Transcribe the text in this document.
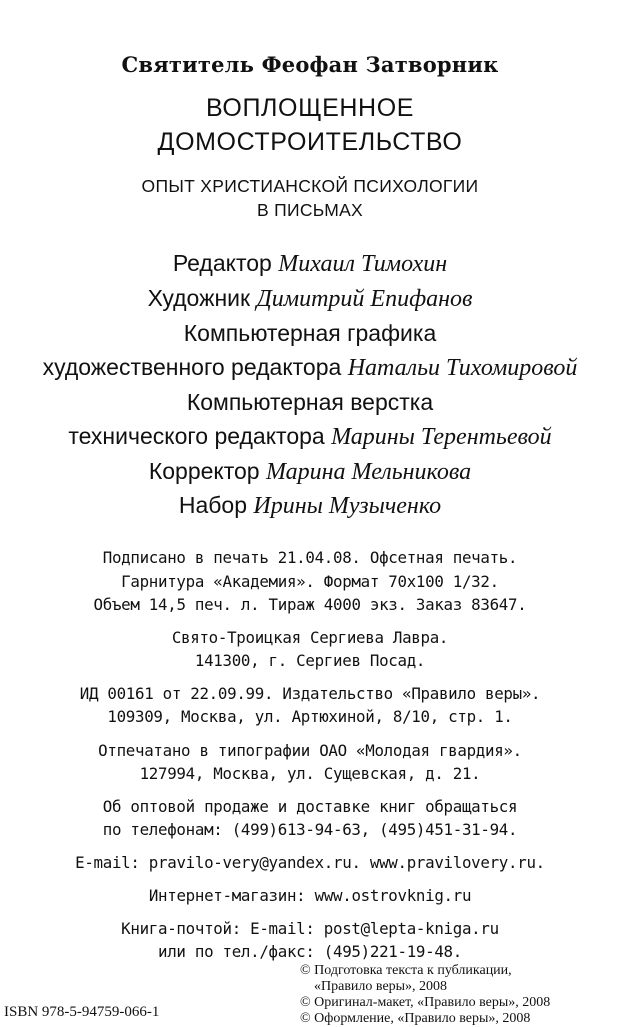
Святитель Феофан Затворник
ВОПЛОЩЕННОЕ
ДОМОСТРОИТЕЛЬСТВО
ОПЫТ ХРИСТИАНСКОЙ ПСИХОЛОГИИ
В ПИСЬМАХ
Редактор Михаил Тимохин
Художник Димитрий Епифанов
Компьютерная графика
художественного редактора Натальи Тихомировой
Компьютерная верстка
технического редактора Марины Терентьевой
Корректор Марина Мельникова
Набор Ирины Музыченко
Подписано в печать 21.04.08. Офсетная печать.
Гарнитура «Академия». Формат 70х100 1/32.
Объем 14,5 печ. л. Тираж 4000 экз. Заказ 83647.
Свято-Троицкая Сергиева Лавра.
141300, г. Сергиев Посад.
ИД 00161 от 22.09.99. Издательство «Правило веры».
109309, Москва, ул. Артюхиной, 8/10, стр. 1.
Отпечатано в типографии ОАО «Молодая гвардия».
127994, Москва, ул. Сущевская, д. 21.
Об оптовой продаже и доставке книг обращаться
по телефонам: (499)613-94-63, (495)451-31-94.
E-mail: pravilo-very@yandex.ru. www.pravilovery.ru.
Интернет-магазин: www.ostrovknig.ru
Книга-почтой: E-mail: post@lepta-kniga.ru
или по тел./факс: (495)221-19-48.
ISBN 978-5-94759-066-1
© Подготовка текста к публикации,
«Правило веры», 2008
© Оригинал-макет, «Правило веры», 2008
© Оформление, «Правило веры», 2008
